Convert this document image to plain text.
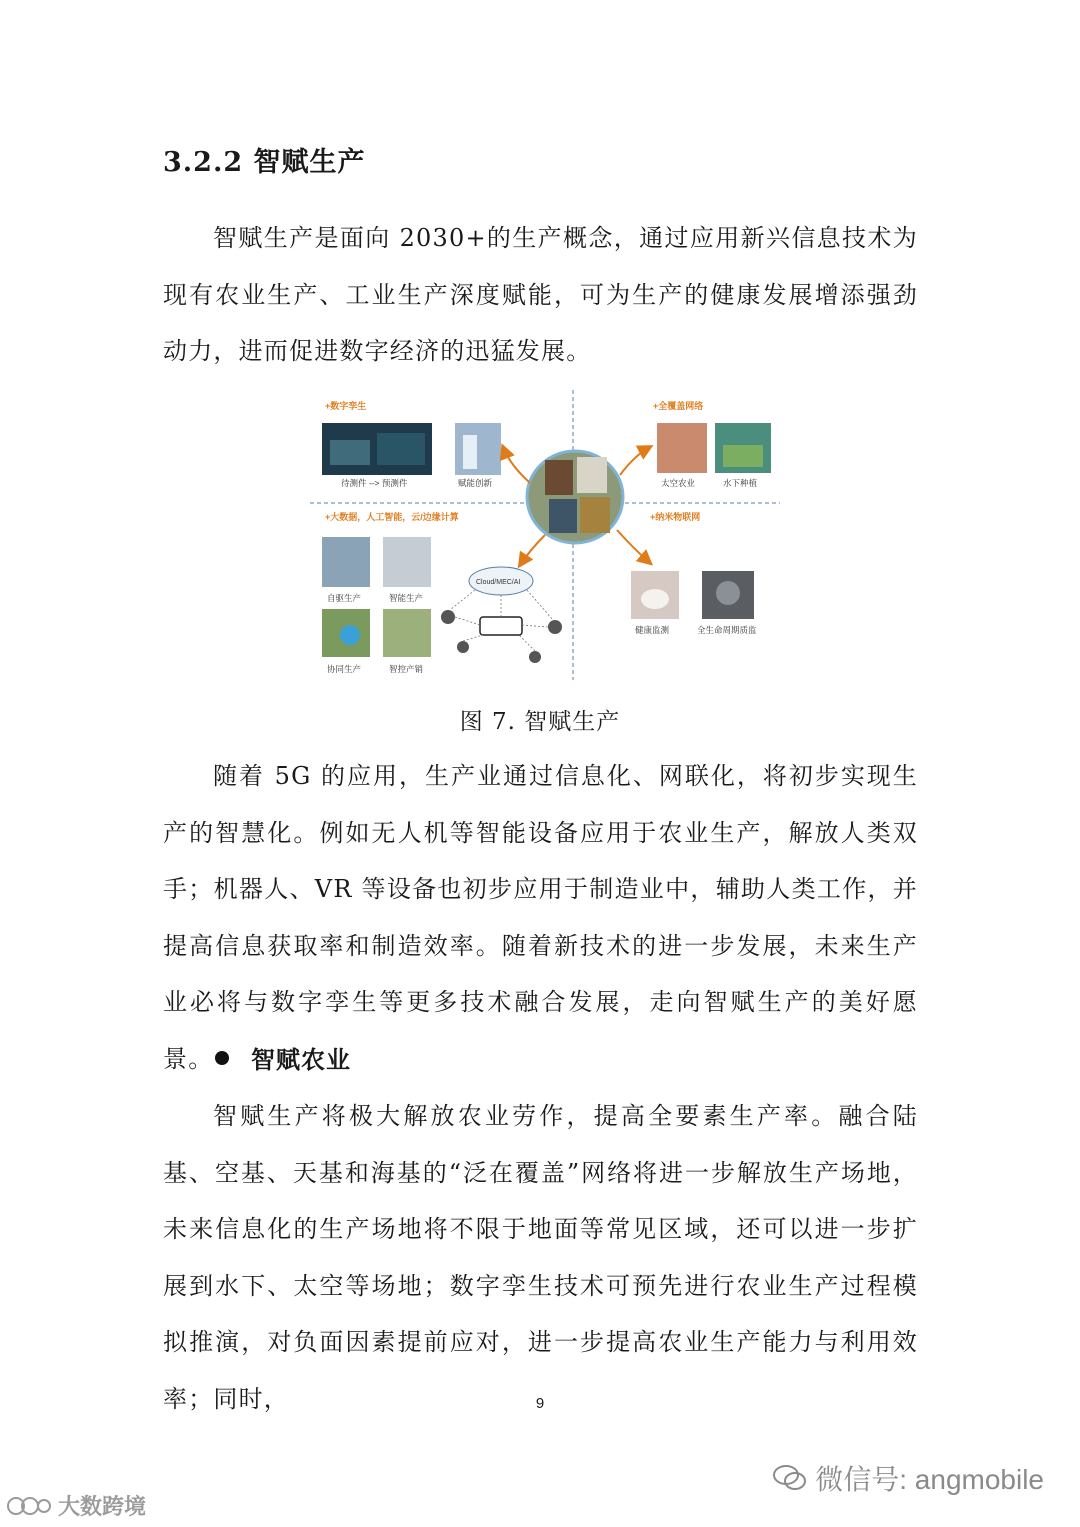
3.2.2 智赋生产

智赋生产是面向 2030+的生产概念，通过应用新兴信息技术为现有农业生产、工业生产深度赋能，可为生产的健康发展增添强劲动力，进而促进数字经济的迅猛发展。

+数字孪生	+全覆盖网络
+大数据，人工智能，云/边缘计算	+纳米物联网
待测件 --> 预测件	赋能创新	太空农业	水下种植
自驱生产	智能生产
协同生产	智控产销
Cloud/MEC/AI
健康监测	全生命周期质监
图 7. 智赋生产

随着 5G 的应用，生产业通过信息化、网联化，将初步实现生产的智慧化。例如无人机等智能设备应用于农业生产，解放人类双手；机器人、VR 等设备也初步应用于制造业中，辅助人类工作，并提高信息获取率和制造效率。随着新技术的进一步发展，未来生产业必将与数字孪生等更多技术融合发展，走向智赋生产的美好愿景。	智赋农业

智赋生产将极大解放农业劳作，提高全要素生产率。融合陆基、空基、天基和海基的“泛在覆盖”网络将进一步解放生产场地，未来信息化的生产场地将不限于地面等常见区域，还可以进一步扩展到水下、太空等场地；数字孪生技术可预先进行农业生产过程模拟推演，对负面因素提前应对，进一步提高农业生产能力与利用效率；同时，	9
微信号: angmobile
大数跨境
